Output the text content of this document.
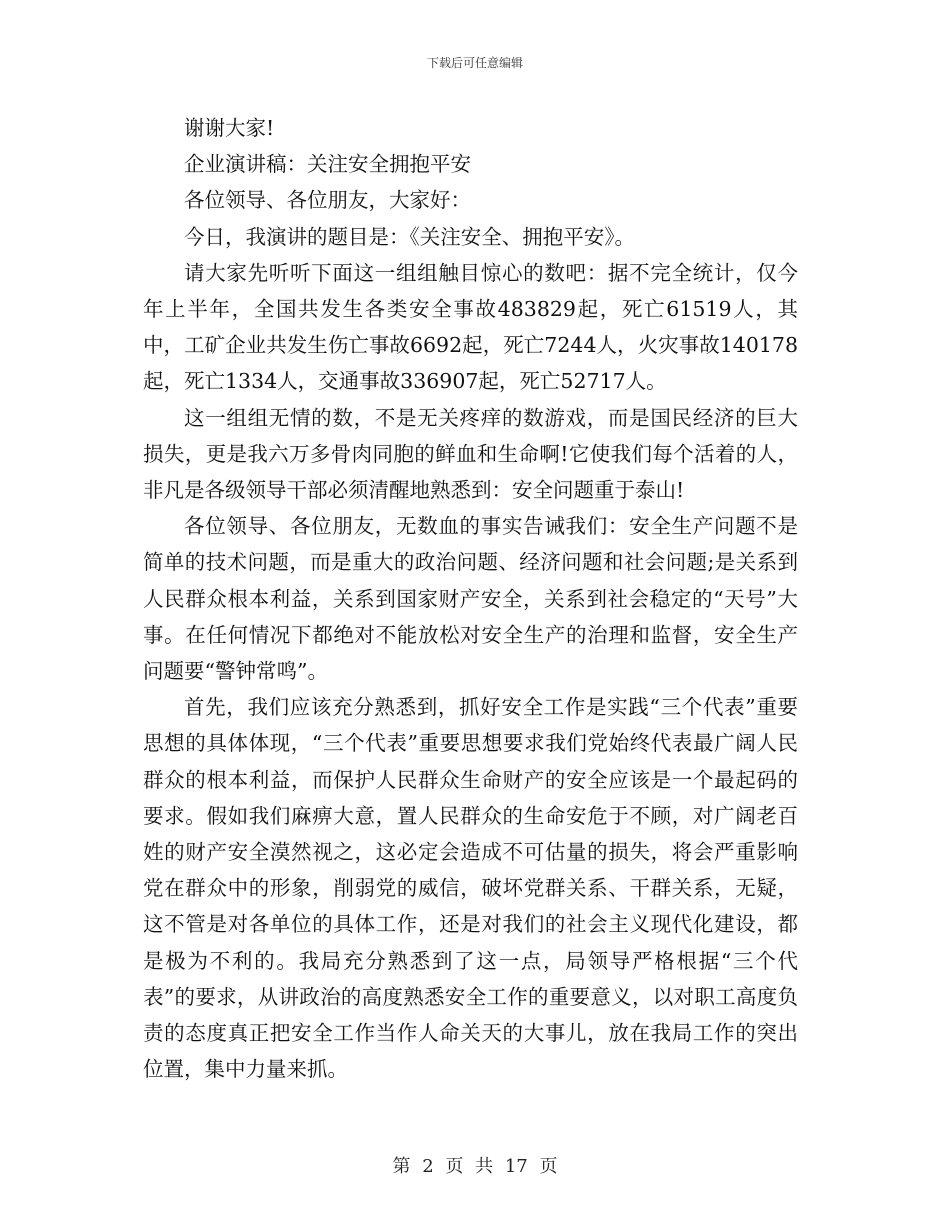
下载后可任意编辑

谢谢大家!

企业演讲稿：关注安全拥抱平安

各位领导、各位朋友，大家好：

今日，我演讲的题目是：《关注安全、拥抱平安》。

请大家先听听下面这一组组触目惊心的数吧：据不完全统计，仅今年上半年，全国共发生各类安全事故483829起，死亡61519人，其中，工矿企业共发生伤亡事故6692起，死亡7244人，火灾事故140178起，死亡1334人，交通事故336907起，死亡52717人。

这一组组无情的数，不是无关疼痒的数游戏，而是国民经济的巨大损失，更是我六万多骨肉同胞的鲜血和生命啊!它使我们每个活着的人，非凡是各级领导干部必须清醒地熟悉到：安全问题重于泰山!

各位领导、各位朋友，无数血的事实告诫我们：安全生产问题不是简单的技术问题，而是重大的政治问题、经济问题和社会问题;是关系到人民群众根本利益，关系到国家财产安全，关系到社会稳定的“天号”大事。在任何情况下都绝对不能放松对安全生产的治理和监督，安全生产问题要“警钟常鸣”。

首先，我们应该充分熟悉到，抓好安全工作是实践“三个代表”重要思想的具体体现，“三个代表”重要思想要求我们党始终代表最广阔人民群众的根本利益，而保护人民群众生命财产的安全应该是一个最起码的要求。假如我们麻痹大意，置人民群众的生命安危于不顾，对广阔老百姓的财产安全漠然视之，这必定会造成不可估量的损失，将会严重影响党在群众中的形象，削弱党的威信，破坏党群关系、干群关系，无疑，这不管是对各单位的具体工作，还是对我们的社会主义现代化建设，都是极为不利的。我局充分熟悉到了这一点，局领导严格根据“三个代表”的要求，从讲政治的高度熟悉安全工作的重要意义，以对职工高度负责的态度真正把安全工作当作人命关天的大事儿，放在我局工作的突出位置，集中力量来抓。

第 2 页 共 17 页
